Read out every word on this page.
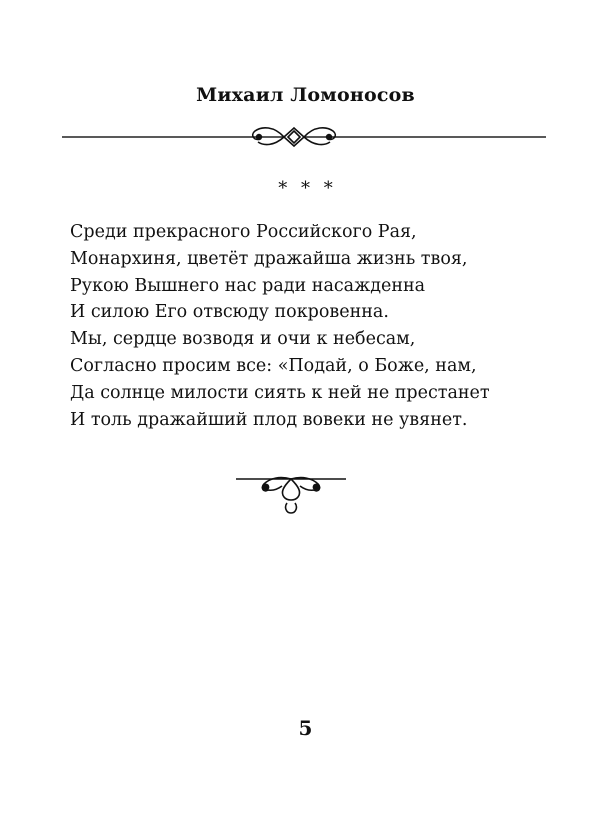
Михаил Ломоносов
* * *
Среди прекрасного Российского Рая,
Монархиня, цветёт дражайша жизнь твоя,
Рукою Вышнего нас ради насажденна
И силою Его отвсюду покровенна.
Мы, сердце возводя и очи к небесам,
Согласно просим все: «Подай, о Боже, нам,
Да солнце милости сиять к ней не престанет
И толь дражайший плод вовеки не увянет.
5
